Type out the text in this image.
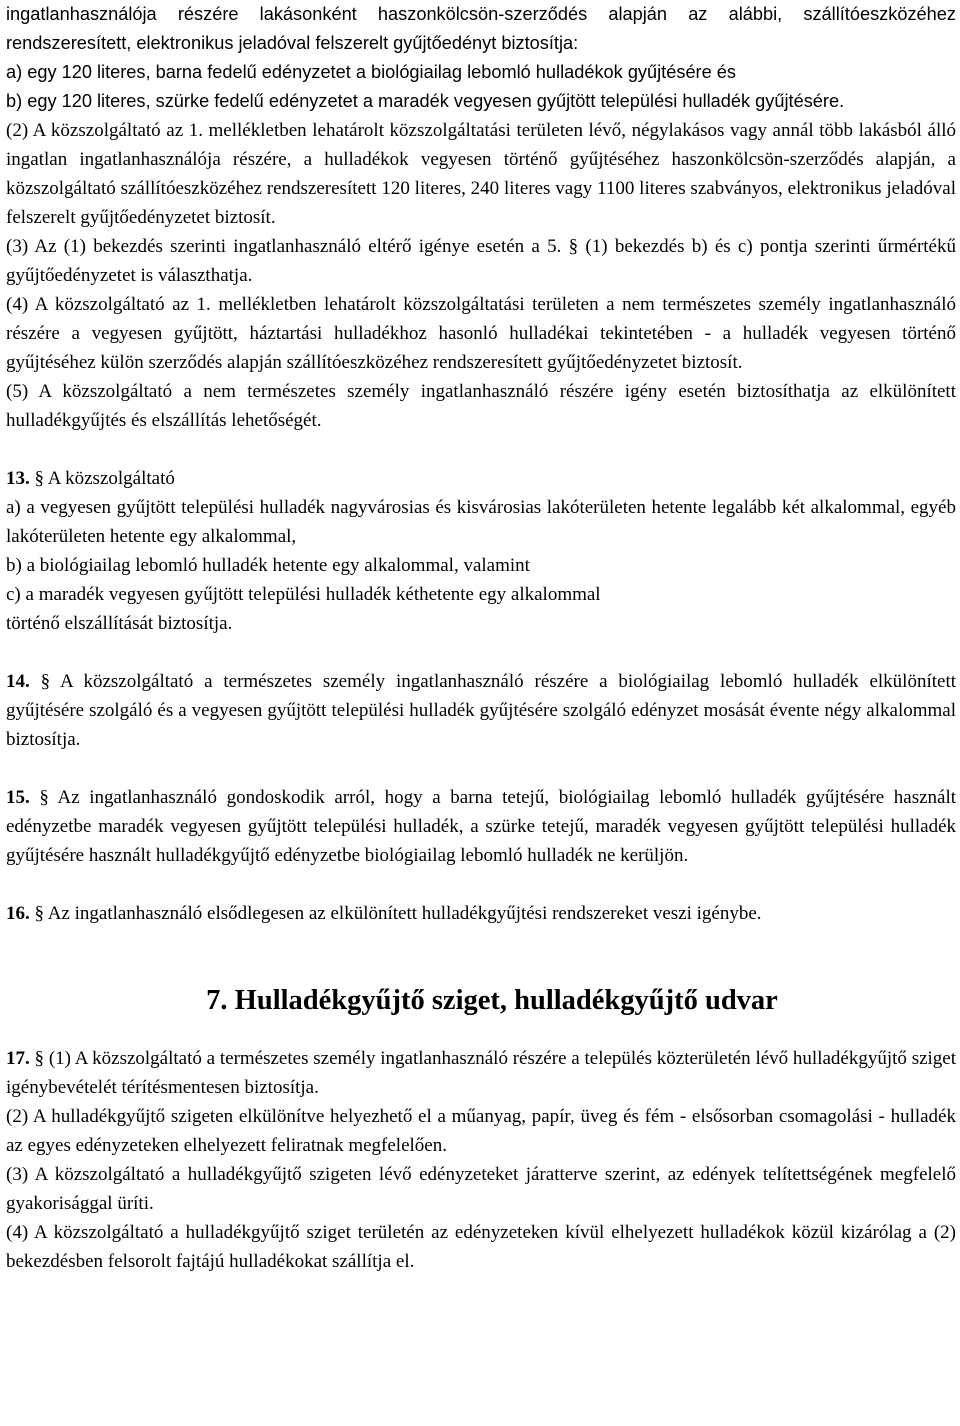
ingatlanhasználója részére lakásonként haszonkölcsön-szerződés alapján az alábbi, szállítóeszközéhez rendszeresített, elektronikus jeladóval felszerelt gyűjtőedényt biztosítja:

a) egy 120 literes, barna fedelű edényzetet a biológiailag lebomló hulladékok gyűjtésére és

b) egy 120 literes, szürke fedelű edényzetet a maradék vegyesen gyűjtött települési hulladék gyűjtésére.

(2) A közszolgáltató az 1. mellékletben lehatárolt közszolgáltatási területen lévő, négylakásos vagy annál több lakásból álló ingatlan ingatlanhasználója részére, a hulladékok vegyesen történő gyűjtéséhez haszonkölcsön-szerződés alapján, a közszolgáltató szállítóeszközéhez rendszeresített 120 literes, 240 literes vagy 1100 literes szabványos, elektronikus jeladóval felszerelt gyűjtőedényzetet biztosít.

(3) Az (1) bekezdés szerinti ingatlanhasználó eltérő igénye esetén a 5. § (1) bekezdés b) és c) pontja szerinti űrmértékű gyűjtőedényzetet is választhatja.

(4) A közszolgáltató az 1. mellékletben lehatárolt közszolgáltatási területen a nem természetes személy ingatlanhasználó részére a vegyesen gyűjtött, háztartási hulladékhoz hasonló hulladékai tekintetében - a hulladék vegyesen történő gyűjtéséhez külön szerződés alapján szállítóeszközéhez rendszeresített gyűjtőedényzetet biztosít.

(5) A közszolgáltató a nem természetes személy ingatlanhasználó részére igény esetén biztosíthatja az elkülönített hulladékgyűjtés és elszállítás lehetőségét.

13. § A közszolgáltató

a) a vegyesen gyűjtött települési hulladék nagyvárosias és kisvárosias lakóterületen hetente legalább két alkalommal, egyéb lakóterületen hetente egy alkalommal,

b) a biológiailag lebomló hulladék hetente egy alkalommal, valamint

c) a maradék vegyesen gyűjtött települési hulladék kéthetente egy alkalommal

történő elszállítását biztosítja.

14. § A közszolgáltató a természetes személy ingatlanhasználó részére a biológiailag lebomló hulladék elkülönített gyűjtésére szolgáló és a vegyesen gyűjtött települési hulladék gyűjtésére szolgáló edényzet mosását évente négy alkalommal biztosítja.

15. § Az ingatlanhasználó gondoskodik arról, hogy a barna tetejű, biológiailag lebomló hulladék gyűjtésére használt edényzetbe maradék vegyesen gyűjtött települési hulladék, a szürke tetejű, maradék vegyesen gyűjtött települési hulladék gyűjtésére használt hulladékgyűjtő edényzetbe biológiailag lebomló hulladék ne kerüljön.

16. § Az ingatlanhasználó elsődlegesen az elkülönített hulladékgyűjtési rendszereket veszi igénybe.

7. Hulladékgyűjtő sziget, hulladékgyűjtő udvar

17. § (1) A közszolgáltató a természetes személy ingatlanhasználó részére a település közterületén lévő hulladékgyűjtő sziget igénybevételét térítésmentesen biztosítja.

(2) A hulladékgyűjtő szigeten elkülönítve helyezhető el a műanyag, papír, üveg és fém - elsősorban csomagolási - hulladék az egyes edényzeteken elhelyezett feliratnak megfelelően.

(3) A közszolgáltató a hulladékgyűjtő szigeten lévő edényzeteket járatterve szerint, az edények telítettségének megfelelő gyakorisággal üríti.

(4) A közszolgáltató a hulladékgyűjtő sziget területén az edényzeteken kívül elhelyezett hulladékok közül kizárólag a (2) bekezdésben felsorolt fajtájú hulladékokat szállítja el.
